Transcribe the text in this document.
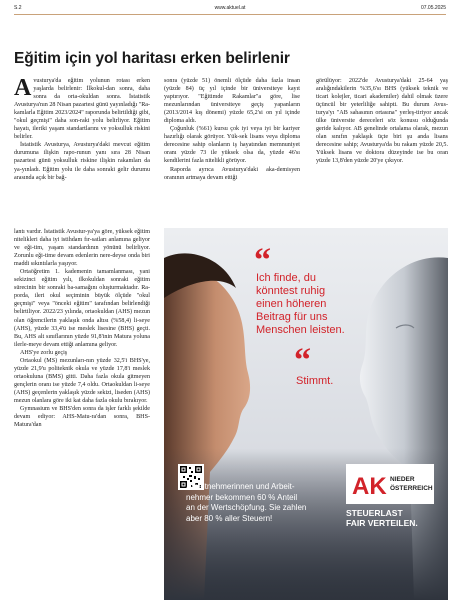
S.2	www.aktuel.at	07.05.2025
Eğitim için yol haritası erken belirlenir

Avusturya'da eğitim yolunun rotası erken yaşlarda belirlenir: İlkokul-dan sonra, daha sonra da orta-okuldan sonra. İstatistik Avusturya'nın 28 Nisan pazartesi günü yayınladığı "Ra-kamlarla Eğitim 2023/2024" raporunda belirtildiği gibi, "okul geçmişi" daha son-raki yolu belirliyor. Eğitim hayatı, ileriki yaşam standartlarını ve yoksulluk riskini belirler.

İstatistik Avusturya, Avusturya'daki mevcut eğitim durumuna ilişkin rapo-runun yanı sıra 28 Nisan pazartesi günü yoksulluk riskine ilişkin rakamları da ya-yınladı. Eğitim yolu ile daha sonraki gelir durumu arasında açık bir bağ-

lantı vardır. İstatistik Avustur-ya'ya göre, yüksek eğitim nitelikleri daha iyi istihdam fır-satları anlamına geliyor ve eği-tim, yaşam standardının yönünü belirliyor. Zorunlu eği-time devam edenlerin nere-deyse onda biri maddi sıkıntılarla yaşıyor.

Ortaöğretim 1. kademenin tamamlanması, yani sekizinci eğitim yılı, ilkokuldan sonraki eğitim sürecinin bir sonraki ba-samağını oluşturmaktadır. Ra-porda, ileri okul seçiminin büyük ölçüde "okul geçmişi" veya "önceki eğitim" tarafından belirlendiği belirtiliyor. 2022/23 yılında, ortaokuldan (AHS) mezun olan öğrencilerin yaklaşık onda altısı (%58,4) li-seye (AHS), yüzde 33,4'ü ise meslek lisesine (BHS) geçti. Bu, AHS alt sınıflarının yüzde 91,8'inin Matura yoluna ilerle-meye devam ettiği anlamına geliyor.

AHS'ye zorlu geçiş

Ortaokul (MS) mezunları-nın yüzde 32,5'i BHS'ye, yüzde 21,9'u politeknik okula ve yüzde 17,8'i meslek ortaokuluna (BMS) gitti. Daha fazla okula gitmeyen gençlerin oranı ise yüzde 7,4 oldu. Ortaokuldan li-seye (AHS) geçenlerin yaklaşık yüzde sekizi, liseden (AHS) mezun olanlara göre iki kat daha fazla okulu bırakıyor.

Gymnasium ve BHS'den sonra da işler farklı şekilde devam ediyor: AHS-Matu-ra'dan sonra, BHS-Matura'dan

sonra (yüzde 51) önemli ölçüde daha fazla insan (yüzde 84) üç yıl içinde bir üniversiteye kayıt yaptırıyor. "Eğitimde Rakamlar"a göre, lise mezunlarından üniversiteye geçiş yapanların (2013/2014 kış dönemi) yüzde 65,2'si on yıl içinde diploma aldı.

Çoğunluk (%61) kursu çok iyi veya iyi bir kariyer hazırlığı olarak görüyor. Yük-sek lisans veya diploma derecesine sahip olanların iş hayatından memnuniyet oranı yüzde 73 ile yüksek olsa da, yüzde 46'sı kendilerini fazla nitelikli görüyor.

Raporda ayrıca Avusturya'daki aka-demisyen oranının artmaya devam ettiği

görülüyor: 2022'de Avusturya'daki 25-64 yaş aralığındakilerin %35,6'sı BHS (yüksek teknik ve ticari kolejler, ticari akademiler) dahil olmak üzere üçüncül bir yeterliliğe sahipti. Bu durum Avus-turya'yı "AB sahasının ortasına" yerleş-tiriyor ancak ülke üniversite dereceleri söz konusu olduğunda geride kalıyor. AB genelinde ortalama olarak, mezun olan sınıfın yaklaşık üçte biri şu anda lisans derecesine sahip; Avusturya'da bu rakam yüzde 20,5. Yüksek lisans ve doktora düzeyinde ise bu oran yüzde 13,8'den yüzde 20'ye çıkıyor.

“
Ich finde, du
könntest ruhig
einen höheren
Beitrag für uns
Menschen leisten.
“
Stimmt.
Arbeitnehmerinnen und Arbeit-
nehmer bekommen 60 % Anteil
an der Wertschöpfung. Sie zahlen
aber 80 % aller Steuern!
AK NIEDER
ÖSTERREICH
STEUERLAST
FAIR VERTEILEN.
